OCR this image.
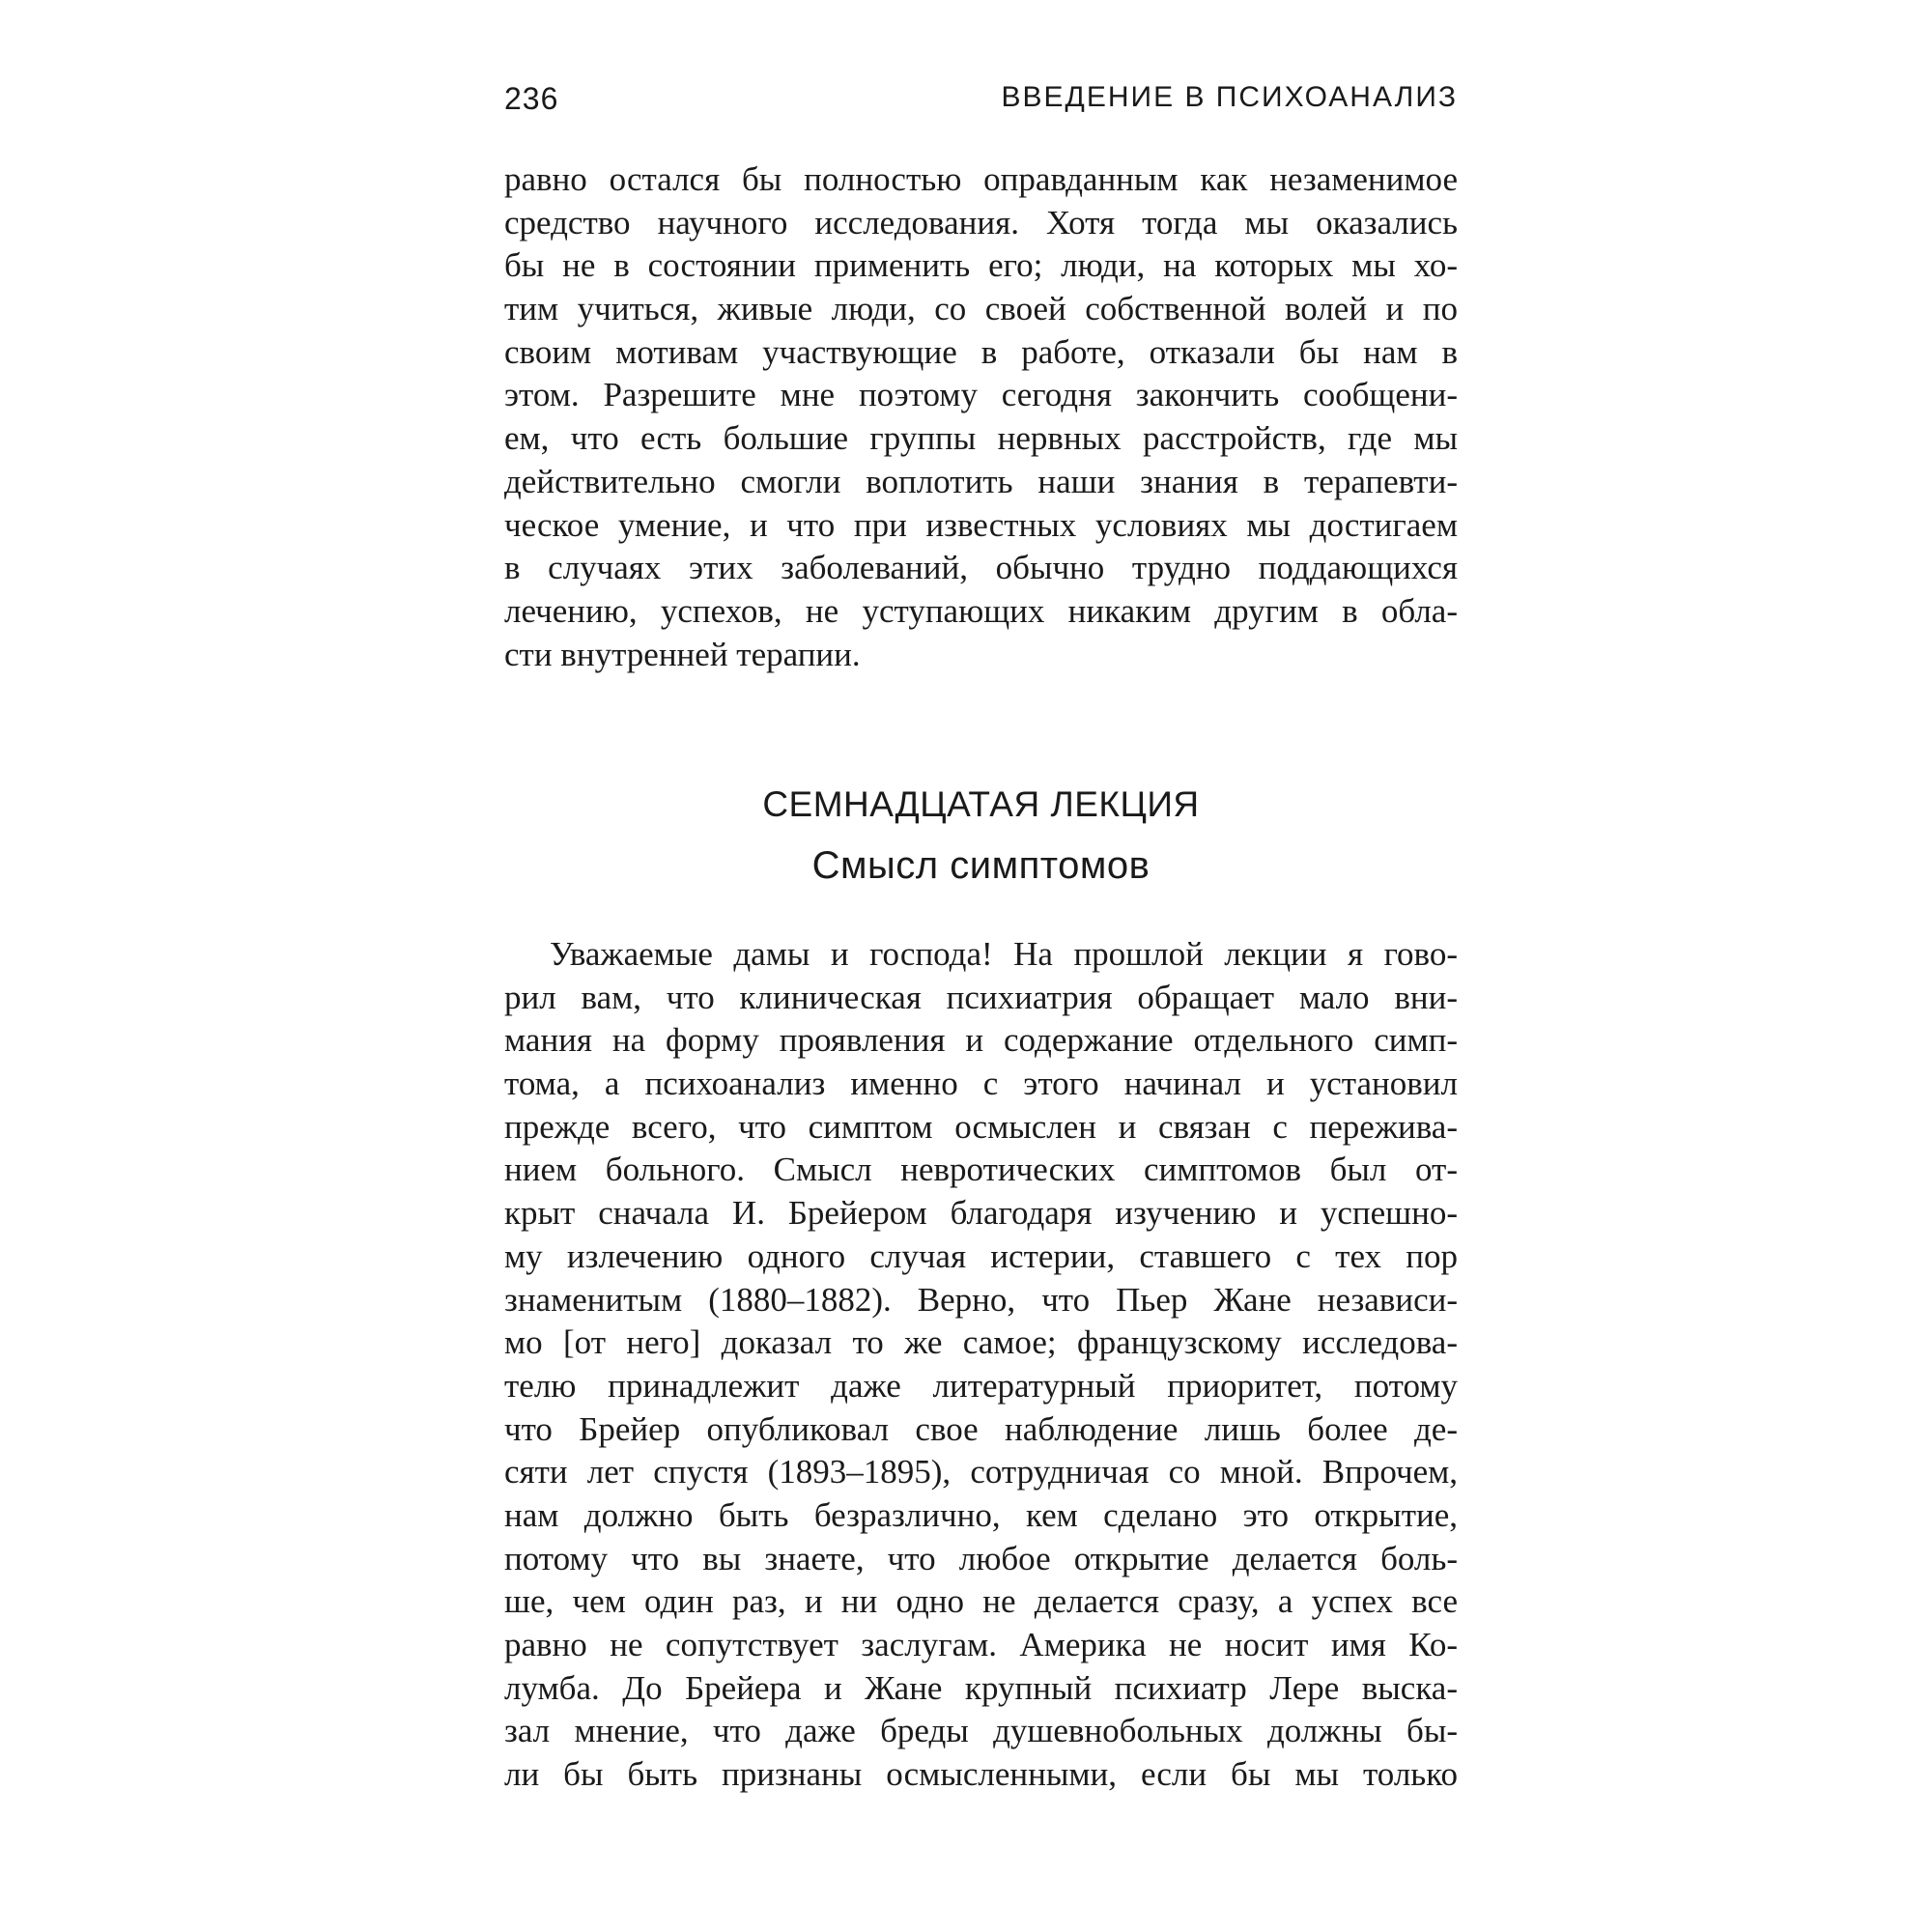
236	ВВЕДЕНИЕ В ПСИХОАНАЛИЗ
равно остался бы полностью оправданным как незаменимое
средство научного исследования. Хотя тогда мы оказались
бы не в состоянии применить его; люди, на которых мы хо-
тим учиться, живые люди, со своей собственной волей и по
своим мотивам участвующие в работе, отказали бы нам в
этом. Разрешите мне поэтому сегодня закончить сообщени-
ем, что есть большие группы нервных расстройств, где мы
действительно смогли воплотить наши знания в терапевти-
ческое умение, и что при известных условиях мы достигаем
в случаях этих заболеваний, обычно трудно поддающихся
лечению, успехов, не уступающих никаким другим в обла-
сти внутренней терапии.
СЕМНАДЦАТАЯ ЛЕКЦИЯ
Смысл симптомов
Уважаемые дамы и господа! На прошлой лекции я гово-
рил вам, что клиническая психиатрия обращает мало вни-
мания на форму проявления и содержание отдельного симп-
тома, а психоанализ именно с этого начинал и установил
прежде всего, что симптом осмыслен и связан с пережива-
нием больного. Смысл невротических симптомов был от-
крыт сначала И. Брейером благодаря изучению и успешно-
му излечению одного случая истерии, ставшего с тех пор
знаменитым (1880–1882). Верно, что Пьер Жане независи-
мо [от него] доказал то же самое; французскому исследова-
телю принадлежит даже литературный приоритет, потому
что Брейер опубликовал свое наблюдение лишь более де-
сяти лет спустя (1893–1895), сотрудничая со мной. Впрочем,
нам должно быть безразлично, кем сделано это открытие,
потому что вы знаете, что любое открытие делается боль-
ше, чем один раз, и ни одно не делается сразу, а успех все
равно не сопутствует заслугам. Америка не носит имя Ко-
лумба. До Брейера и Жане крупный психиатр Лере выска-
зал мнение, что даже бреды душевнобольных должны бы-
ли бы быть признаны осмысленными, если бы мы только
